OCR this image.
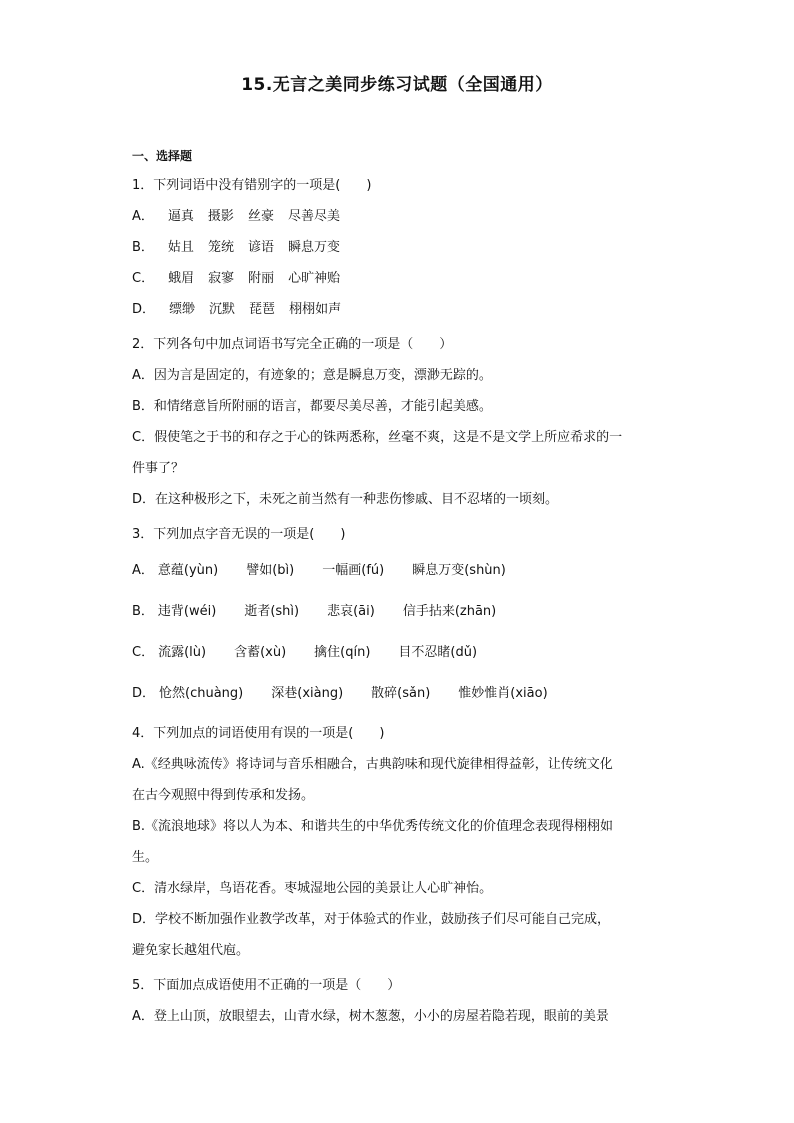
15.无言之美同步练习试题（全国通用）
一、选择题

1．下列词语中没有错别字的一项是(　　)

A． 逼真 摄影 丝豪 尽善尽美

B． 姑且 笼统 谚语 瞬息万变

C． 蛾眉 寂寥 附丽 心旷神贻

D． 缥缈 沉默 琵琶 栩栩如声

2．下列各句中加点词语书写完全正确的一项是（　　）

A．因为言是固定的，有迹象的；意是瞬息万变，漂渺无踪的。

B．和情绪意旨所附丽的语言，都要尽美尽善，才能引起美感。

C．假使笔之于书的和存之于心的铢两悉称，丝毫不爽，这是不是文学上所应希求的一

件事了？

D．在这种极形之下，未死之前当然有一种悲伤惨戚、目不忍堵的一顷刻。

3．下列加点字音无误的一项是(　　)

A． 意蕴(yùn) 譬如(bì) 一幅画(fú) 瞬息万变(shùn)

B． 违背(wéi) 逝者(shì) 悲哀(āi) 信手拈来(zhān)

C． 流露(lù) 含蓄(xù) 擒住(qín) 目不忍睹(dǔ)

D． 怆然(chuàng) 深巷(xiàng) 散碎(sǎn) 惟妙惟肖(xiāo)

4．下列加点的词语使用有误的一项是(　　)

A.《经典咏流传》将诗词与音乐相融合，古典韵味和现代旋律相得益彰，让传统文化

在古今观照中得到传承和发扬。

B.《流浪地球》将以人为本、和谐共生的中华优秀传统文化的价值理念表现得栩栩如

生。

C．清水绿岸，鸟语花香。枣城湿地公园的美景让人心旷神怡。

D．学校不断加强作业教学改革，对于体验式的作业，鼓励孩子们尽可能自己完成，

避免家长越俎代庖。

5．下面加点成语使用不正确的一项是（　　）

A．登上山顶，放眼望去，山青水绿，树木葱葱，小小的房屋若隐若现，眼前的美景
